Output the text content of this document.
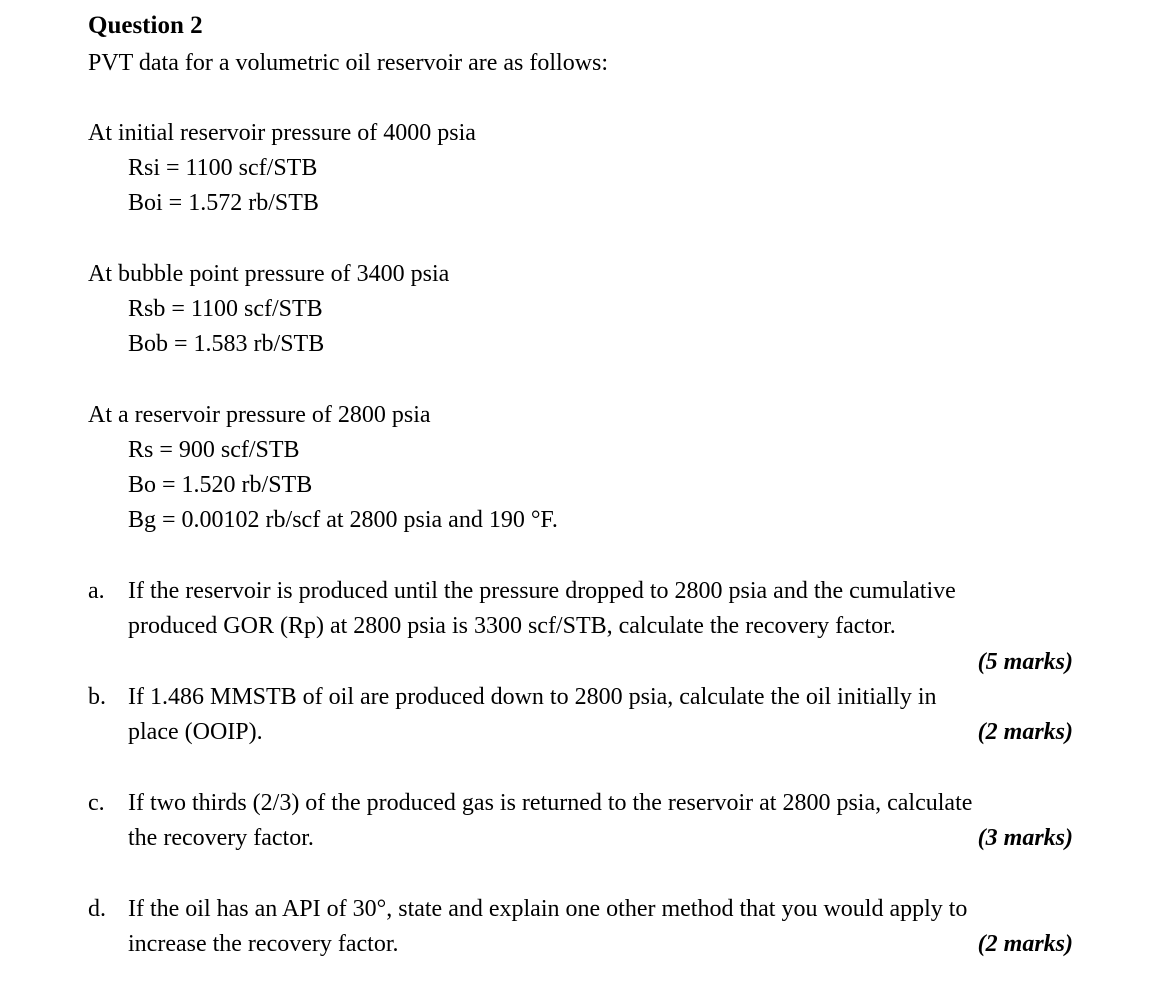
Question 2
PVT data for a volumetric oil reservoir are as follows:
At initial reservoir pressure of 4000 psia
Rsi = 1100 scf/STB
Boi = 1.572 rb/STB
At bubble point pressure of 3400 psia
Rsb = 1100 scf/STB
Bob = 1.583 rb/STB
At a reservoir pressure of 2800 psia
Rs = 900 scf/STB
Bo = 1.520 rb/STB
Bg = 0.00102 rb/scf at 2800 psia and 190 °F.
a. If the reservoir is produced until the pressure dropped to 2800 psia and the cumulative
produced GOR (Rp) at 2800 psia is 3300 scf/STB, calculate the recovery factor.
(5 marks)
b. If 1.486 MMSTB of oil are produced down to 2800 psia, calculate the oil initially in
place (OOIP).	(2 marks)
c. If two thirds (2/3) of the produced gas is returned to the reservoir at 2800 psia, calculate
the recovery factor.	(3 marks)
d. If the oil has an API of 30°, state and explain one other method that you would apply to
increase the recovery factor.	(2 marks)
